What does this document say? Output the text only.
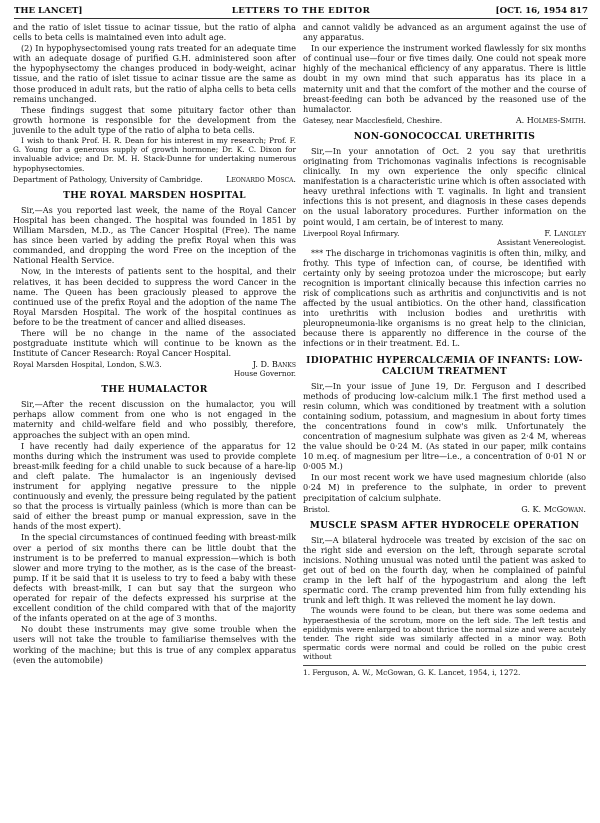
THE LANCET]	LETTERS TO THE EDITOR	[OCT. 16, 1954 817

and the ratio of islet tissue to acinar tissue, but the ratio of alpha cells to beta cells is maintained even into adult age.

(2) In hypophysectomised young rats treated for an adequate time with an adequate dosage of purified G.H. administered soon after the hypophysectomy the changes produced in body-weight, acinar tissue, and the ratio of islet tissue to acinar tissue are the same as those produced in adult rats, but the ratio of alpha cells to beta cells remains unchanged.

These findings suggest that some pituitary factor other than growth hormone is responsible for the development from the juvenile to the adult type of the ratio of alpha to beta cells.

I wish to thank Prof. H. R. Dean for his interest in my research; Prof. F. G. Young for a generous supply of growth hormone; Dr. K. C. Dixon for invaluable advice; and Dr. M. H. Stack-Dunne for undertaking numerous hypophysectomies.

Department of Pathology, University of Cambridge.	Leonardo Mosca.
THE ROYAL MARSDEN HOSPITAL

Sir,—As you reported last week, the name of the Royal Cancer Hospital has been changed. The hospital was founded in 1851 by William Marsden, M.D., as The Cancer Hospital (Free). The name has since been varied by adding the prefix Royal when this was commanded, and dropping the word Free on the inception of the National Health Service.

Now, in the interests of patients sent to the hospital, and their relatives, it has been decided to suppress the word Cancer in the name. The Queen has been graciously pleased to approve the continued use of the prefix Royal and the adoption of the name The Royal Marsden Hospital. The work of the hospital continues as before to be the treatment of cancer and allied diseases.

There will be no change in the name of the associated postgraduate institute which will continue to be known as the Institute of Cancer Research: Royal Cancer Hospital.

Royal Marsden Hospital, London, S.W.3.	J. D. Banks
House Governor.
THE HUMALACTOR

Sir,—After the recent discussion on the humalactor, you will perhaps allow comment from one who is not engaged in the maternity and child-welfare field and who possibly, therefore, approaches the subject with an open mind.

I have recently had daily experience of the apparatus for 12 months during which the instrument was used to provide complete breast-milk feeding for a child unable to suck because of a hare-lip and cleft palate. The humalactor is an ingeniously devised instrument for applying negative pressure to the nipple continuously and evenly, the pressure being regulated by the patient so that the process is virtually painless (which is more than can be said of either the breast pump or manual expression, save in the hands of the most expert).

In the special circumstances of continued feeding with breast-milk over a period of six months there can be little doubt that the instrument is to be preferred to manual expression—which is both slower and more trying to the mother, as is the case of the breast-pump. If it be said that it is useless to try to feed a baby with these defects with breast-milk, I can but say that the surgeon who operated for repair of the defects expressed his surprise at the excellent condition of the child compared with that of the majority of the infants operated on at the age of 3 months.

No doubt these instruments may give some trouble when the users will not take the trouble to familiarise themselves with the working of the machine; but this is true of any complex apparatus (even the automobile)

and cannot validly be advanced as an argument against the use of any apparatus.

In our experience the instrument worked flawlessly for six months of continual use—four or five times daily. One could not speak more highly of the mechanical efficiency of any apparatus. There is little doubt in my own mind that such apparatus has its place in a maternity unit and that the comfort of the mother and the course of breast-feeding can both be advanced by the reasoned use of the humalactor.

Gatesey, near Macclesfield, Cheshire.	A. Holmes-Smith.
NON-GONOCOCCAL URETHRITIS

Sir,—In your annotation of Oct. 2 you say that urethritis originating from Trichomonas vaginalis infections is recognisable clinically. In my own experience the only specific clinical manifestation is a characteristic urine which is often associated with heavy urethral infections with T. vaginalis. In light and transient infections this is not present, and diagnosis in these cases depends on the usual laboratory procedures. Further information on the point would, I am certain, be of interest to many.

Liverpool Royal Infirmary.	F. Langley
Assistant Venereologist.

*** The discharge in trichomonas vaginitis is often thin, milky, and frothy. This type of infection can, of course, be identified with certainty only by seeing protozoa under the microscope; but early recognition is important clinically because this infection carries no risk of complications such as arthritis and conjunctivitis and is not affected by the usual antibiotics. On the other hand, classification into urethritis with inclusion bodies and urethritis with pleuropneumonia-like organisms is no great help to the clinician, because there is apparently no difference in the course of the infections or in their treatment. Ed. L.

IDIOPATHIC HYPERCALCÆMIA OF INFANTS: LOW-CALCIUM TREATMENT

Sir,—In your issue of June 19, Dr. Ferguson and I described methods of producing low-calcium milk.1 The first method used a resin column, which was conditioned by treatment with a solution containing sodium, potassium, and magnesium in about forty times the concentrations found in cow's milk. Unfortunately the concentration of magnesium sulphate was given as 2·4 M, whereas the value should be 0·24 M. (As stated in our paper, milk contains 10 m.eq. of magnesium per litre—i.e., a concentration of 0·01 N or 0·005 M.)

In our most recent work we have used magnesium chloride (also 0·24 M) in preference to the sulphate, in order to prevent precipitation of calcium sulphate.

Bristol.	G. K. McGowan.
MUSCLE SPASM AFTER HYDROCELE OPERATION

Sir,—A bilateral hydrocele was treated by excision of the sac on the right side and eversion on the left, through separate scrotal incisions. Nothing unusual was noted until the patient was asked to get out of bed on the fourth day, when he complained of painful cramp in the left half of the hypogastrium and along the left spermatic cord. The cramp prevented him from fully extending his trunk and left thigh. It was relieved the moment he lay down.

The wounds were found to be clean, but there was some oedema and hyperaesthesia of the scrotum, more on the left side. The left testis and epididymis were enlarged to about thrice the normal size and were acutely tender. The right side was similarly affected in a minor way. Both spermatic cords were normal and could be rolled on the pubic crest without

1. Ferguson, A. W., McGowan, G. K. Lancet, 1954, i, 1272.
